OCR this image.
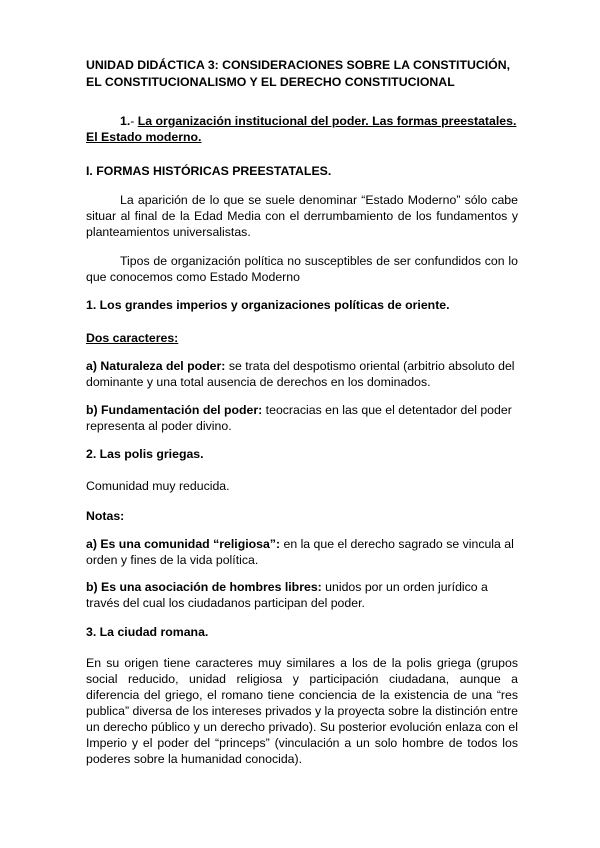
UNIDAD DIDÁCTICA 3: CONSIDERACIONES SOBRE LA CONSTITUCIÓN,
EL CONSTITUCIONALISMO Y EL DERECHO CONSTITUCIONAL

1.- La organización institucional del poder. Las formas preestatales. El Estado moderno.

I. FORMAS HISTÓRICAS PREESTATALES.

La aparición de lo que se suele denominar “Estado Moderno” sólo cabe situar al final de la Edad Media con el derrumbamiento de los fundamentos y planteamientos universalistas.

Tipos de organización política no susceptibles de ser confundidos con lo que conocemos como Estado Moderno

1. Los grandes imperios y organizaciones políticas de oriente.

Dos caracteres:

a) Naturaleza del poder: se trata del despotismo oriental (arbitrio absoluto del dominante y una total ausencia de derechos en los dominados.

b) Fundamentación del poder: teocracias en las que el detentador del poder representa al poder divino.

2. Las polis griegas.

Comunidad muy reducida.

Notas:

a) Es una comunidad “religiosa”: en la que el derecho sagrado se vincula al orden y fines de la vida política.

b) Es una asociación de hombres libres: unidos por un orden jurídico a través del cual los ciudadanos participan del poder.

3. La ciudad romana.

En su origen tiene caracteres muy similares a los de la polis griega (grupos social reducido, unidad religiosa y participación ciudadana, aunque a diferencia del griego, el romano tiene conciencia de la existencia de una “res publica” diversa de los intereses privados y la proyecta sobre la distinción entre un derecho público y un derecho privado). Su posterior evolución enlaza con el Imperio y el poder del “princeps” (vinculación a un solo hombre de todos los poderes sobre la humanidad conocida).
